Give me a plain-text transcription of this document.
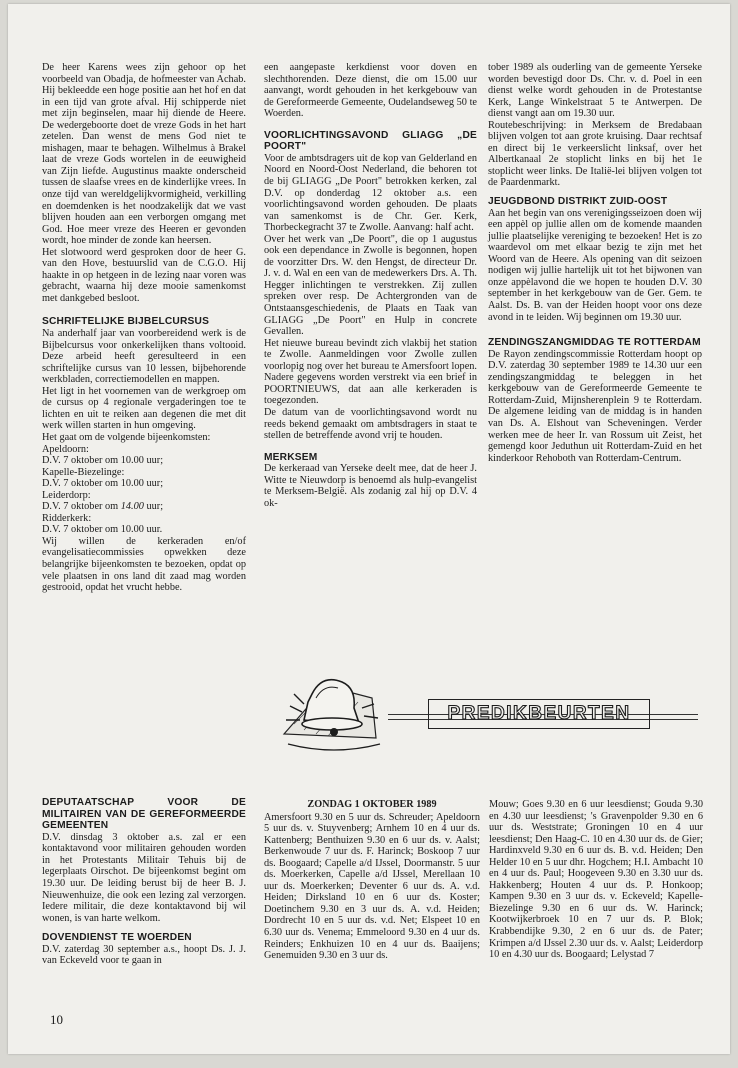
De heer Karens wees zijn gehoor op het voorbeeld van Obadja, de hofmeester van Achab. Hij bekleedde een hoge positie aan het hof en dat in een tijd van grote afval. Hij schipperde niet met zijn beginselen, maar hij diende de Heere. De wedergeboorte doet de vreze Gods in het hart zetelen. Dan wenst de mens God niet te mishagen, maar te behagen. Wilhelmus à Brakel laat de vreze Gods wortelen in de eeuwigheid van Zijn liefde. Augustinus maakte onderscheid tussen de slaafse vrees en de kinderlijke vrees. In onze tijd van wereldgelijkvormigheid, verkilling en doemdenken is het noodzakelijk dat we vast blijven houden aan een verborgen omgang met God. Hoe meer vreze des Heeren er gevonden wordt, hoe minder de zonde kan heersen.

Het slotwoord werd gesproken door de heer G. van den Hove, bestuurslid van de C.G.O. Hij haakte in op hetgeen in de lezing naar voren was gebracht, waarna hij deze mooie samenkomst met dankgebed besloot.

SCHRIFTELIJKE BIJBELCURSUS

Na anderhalf jaar van voorbereidend werk is de Bijbelcursus voor onkerkelijken thans voltooid. Deze arbeid heeft geresulteerd in een schriftelijke cursus van 10 lessen, bijbehorende werkbladen, correctiemodellen en mappen.

Het ligt in het voornemen van de werkgroep om de cursus op 4 regionale vergaderingen toe te lichten en uit te reiken aan degenen die met dit werk willen starten in hun omgeving.

Het gaat om de volgende bijeenkomsten:

Apeldoorn:

D.V. 7 oktober om 10.00 uur;

Kapelle-Biezelinge:

D.V. 7 oktober om 10.00 uur;

Leiderdorp:

D.V. 7 oktober om 14.00 uur;

Ridderkerk:

D.V. 7 oktober om 10.00 uur.

Wij willen de kerkeraden en/of evangelisatiecommissies opwekken deze belangrijke bijeenkomsten te bezoeken, opdat op vele plaatsen in ons land dit zaad mag worden gestrooid, opdat het vrucht hebbe.

DEPUTAATSCHAP VOOR DE MILITAIREN VAN DE GEREFORMEERDE GEMEENTEN

D.V. dinsdag 3 oktober a.s. zal er een kontaktavond voor militairen gehouden worden in het Protestants Militair Tehuis bij de legerplaats Oirschot. De bijeenkomst begint om 19.30 uur. De leiding berust bij de heer B. J. Nieuwenhuize, die ook een lezing zal verzorgen. Iedere militair, die deze kontaktavond bij wil wonen, is van harte welkom.

DOVENDIENST TE WOERDEN

D.V. zaterdag 30 september a.s., hoopt Ds. J. J. van Eckeveld voor te gaan in

een aangepaste kerkdienst voor doven en slechthorenden. Deze dienst, die om 15.00 uur aanvangt, wordt gehouden in het kerkgebouw van de Gereformeerde Gemeente, Oudelandseweg 50 te Woerden.

VOORLICHTINGSAVOND GLIAGG „DE POORT"

Voor de ambtsdragers uit de kop van Gelderland en Noord en Noord-Oost Nederland, die behoren tot de bij GLIAGG „De Poort" betrokken kerken, zal D.V. op donderdag 12 oktober a.s. een voorlichtingsavond worden gehouden. De plaats van samenkomst is de Chr. Ger. Kerk, Thorbeckegracht 37 te Zwolle. Aanvang: half acht.

Over het werk van „De Poort", die op 1 augustus ook een dependance in Zwolle is begonnen, hopen de voorzitter Drs. W. den Hengst, de directeur Dr. J. v. d. Wal en een van de medewerkers Drs. A. Th. Hegger inlichtingen te verstrekken. Zij zullen spreken over resp. De Achtergronden van de Ontstaansgeschiedenis, de Plaats en Taak van GLIAGG „De Poort" en Hulp in concrete Gevallen.

Het nieuwe bureau bevindt zich vlakbij het station te Zwolle. Aanmeldingen voor Zwolle zullen voorlopig nog over het bureau te Amersfoort lopen. Nadere gegevens worden verstrekt via een brief in POORTNIEUWS, dat aan alle kerkeraden is toegezonden.

De datum van de voorlichtingsavond wordt nu reeds bekend gemaakt om ambtsdragers in staat te stellen de betreffende avond vrij te houden.

MERKSEM

De kerkeraad van Yerseke deelt mee, dat de heer J. Witte te Nieuwdorp is benoemd als hulp-evangelist te Merksem-België. Als zodanig zal hij op D.V. 4 ok-

tober 1989 als ouderling van de gemeente Yerseke worden bevestigd door Ds. Chr. v. d. Poel in een dienst welke wordt gehouden in de Protestantse Kerk, Lange Winkelstraat 5 te Antwerpen. De dienst vangt aan om 19.30 uur.

Routebeschrijving: in Merksem de Bredabaan blijven volgen tot aan grote kruising. Daar rechtsaf en direct bij 1e verkeerslicht linksaf, over het Albertkanaal 2e stoplicht links en bij het 1e stoplicht weer links. De Italië-lei blijven volgen tot de Paardenmarkt.

JEUGDBOND DISTRIKT ZUID-OOST

Aan het begin van ons verenigingsseizoen doen wij een appèl op jullie allen om de komende maanden jullie plaatselijke vereniging te bezoeken! Het is zo waardevol om met elkaar bezig te zijn met het Woord van de Heere. Als opening van dit seizoen nodigen wij jullie hartelijk uit tot het bijwonen van onze appèlavond die we hopen te houden D.V. 30 september in het kerkgebouw van de Ger. Gem. te Aalst. Ds. B. van der Heiden hoopt voor ons deze avond in te leiden. Wij beginnen om 19.30 uur.

ZENDINGSZANGMIDDAG TE ROTTERDAM

De Rayon zendingscommissie Rotterdam hoopt op D.V. zaterdag 30 september 1989 te 14.30 uur een zendingszangmiddag te beleggen in het kerkgebouw van de Gereformeerde Gemeente te Rotterdam-Zuid, Mijnsherenplein 9 te Rotterdam. De algemene leiding van de middag is in handen van Ds. A. Elshout van Scheveningen. Verder werken mee de heer Ir. van Rossum uit Zeist, het gemengd koor Jeduthun uit Rotterdam-Zuid en het kinderkoor Rehoboth van Rotterdam-Centrum.

PREDIKBEURTEN
ZONDAG 1 OKTOBER 1989

Amersfoort 9.30 en 5 uur ds. Schreuder; Apeldoorn 5 uur ds. v. Stuyvenberg; Arnhem 10 en 4 uur ds. Kattenberg; Benthuizen 9.30 en 6 uur ds. v. Aalst; Berkenwoude 7 uur ds. F. Harinck; Boskoop 7 uur ds. Boogaard; Capelle a/d IJssel, Doormanstr. 5 uur ds. Moerkerken, Capelle a/d IJssel, Merellaan 10 uur ds. Moerkerken; Deventer 6 uur ds. A. v.d. Heiden; Dirksland 10 en 6 uur ds. Koster; Doetinchem 9.30 en 3 uur ds. A. v.d. Heiden; Dordrecht 10 en 5 uur ds. v.d. Net; Elspeet 10 en 6.30 uur ds. Venema; Emmeloord 9.30 en 4 uur ds. Reinders; Enkhuizen 10 en 4 uur ds. Baaijens; Genemuiden 9.30 en 3 uur ds.

Mouw; Goes 9.30 en 6 uur leesdienst; Gouda 9.30 en 4.30 uur leesdienst; 's Gravenpolder 9.30 en 6 uur ds. Weststrate; Groningen 10 en 4 uur leesdienst; Den Haag-C. 10 en 4.30 uur ds. de Gier; Hardinxveld 9.30 en 6 uur ds. B. v.d. Heiden; Den Helder 10 en 5 uur dhr. Hogchem; H.I. Ambacht 10 en 4 uur ds. Paul; Hoogeveen 9.30 en 3.30 uur ds. Hakkenberg; Houten 4 uur ds. P. Honkoop; Kampen 9.30 en 3 uur ds. v. Eckeveld; Kapelle-Biezelinge 9.30 en 6 uur ds. W. Harinck; Kootwijkerbroek 10 en 7 uur ds. P. Blok; Krabbendijke 9.30, 2 en 6 uur ds. de Pater; Krimpen a/d IJssel 2.30 uur ds. v. Aalst; Leiderdorp 10 en 4.30 uur ds. Boogaard; Lelystad 7

10
